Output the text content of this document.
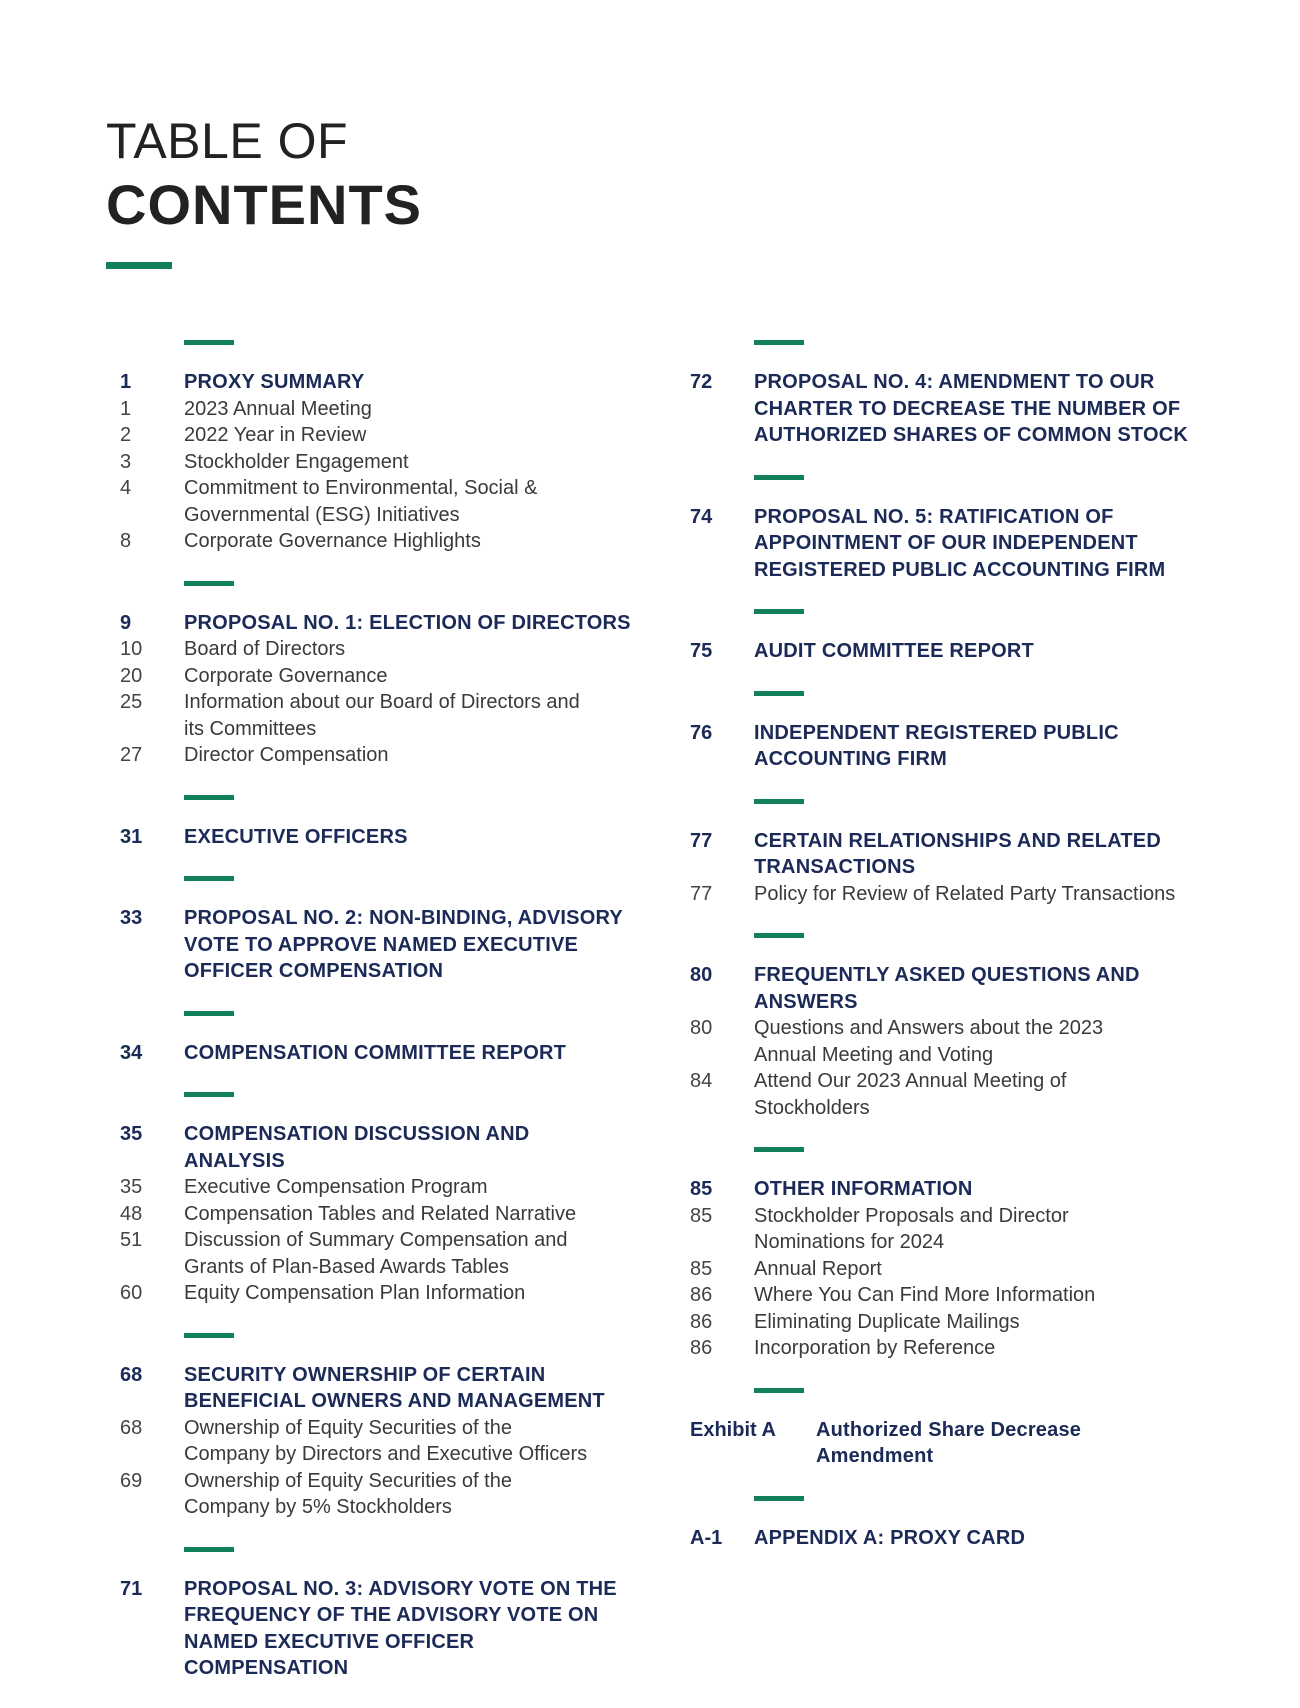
TABLE OF
CONTENTS
1	PROXY SUMMARY
1	2023 Annual Meeting
2	2022 Year in Review
3	Stockholder Engagement
4	Commitment to Environmental, Social &
Governmental (ESG) Initiatives
8	Corporate Governance Highlights
9	PROPOSAL NO. 1: ELECTION OF DIRECTORS
10	Board of Directors
20	Corporate Governance
25	Information about our Board of Directors and
its Committees
27	Director Compensation
31	EXECUTIVE OFFICERS
33	PROPOSAL NO. 2: NON-BINDING, ADVISORY
VOTE TO APPROVE NAMED EXECUTIVE
OFFICER COMPENSATION
34	COMPENSATION COMMITTEE REPORT
35	COMPENSATION DISCUSSION AND
ANALYSIS
35	Executive Compensation Program
48	Compensation Tables and Related Narrative
51	Discussion of Summary Compensation and
Grants of Plan-Based Awards Tables
60	Equity Compensation Plan Information
68	SECURITY OWNERSHIP OF CERTAIN
BENEFICIAL OWNERS AND MANAGEMENT
68	Ownership of Equity Securities of the
Company by Directors and Executive Officers
69	Ownership of Equity Securities of the
Company by 5% Stockholders
71	PROPOSAL NO. 3: ADVISORY VOTE ON THE
FREQUENCY OF THE ADVISORY VOTE ON
NAMED EXECUTIVE OFFICER
COMPENSATION
72	PROPOSAL NO. 4: AMENDMENT TO OUR
CHARTER TO DECREASE THE NUMBER OF
AUTHORIZED SHARES OF COMMON STOCK
74	PROPOSAL NO. 5: RATIFICATION OF
APPOINTMENT OF OUR INDEPENDENT
REGISTERED PUBLIC ACCOUNTING FIRM
75	AUDIT COMMITTEE REPORT
76	INDEPENDENT REGISTERED PUBLIC
ACCOUNTING FIRM
77	CERTAIN RELATIONSHIPS AND RELATED
TRANSACTIONS
77	Policy for Review of Related Party Transactions
80	FREQUENTLY ASKED QUESTIONS AND
ANSWERS
80	Questions and Answers about the 2023
Annual Meeting and Voting
84	Attend Our 2023 Annual Meeting of
Stockholders
85	OTHER INFORMATION
85	Stockholder Proposals and Director
Nominations for 2024
85	Annual Report
86	Where You Can Find More Information
86	Eliminating Duplicate Mailings
86	Incorporation by Reference
Exhibit A	Authorized Share Decrease
Amendment
A-1	APPENDIX A: PROXY CARD
